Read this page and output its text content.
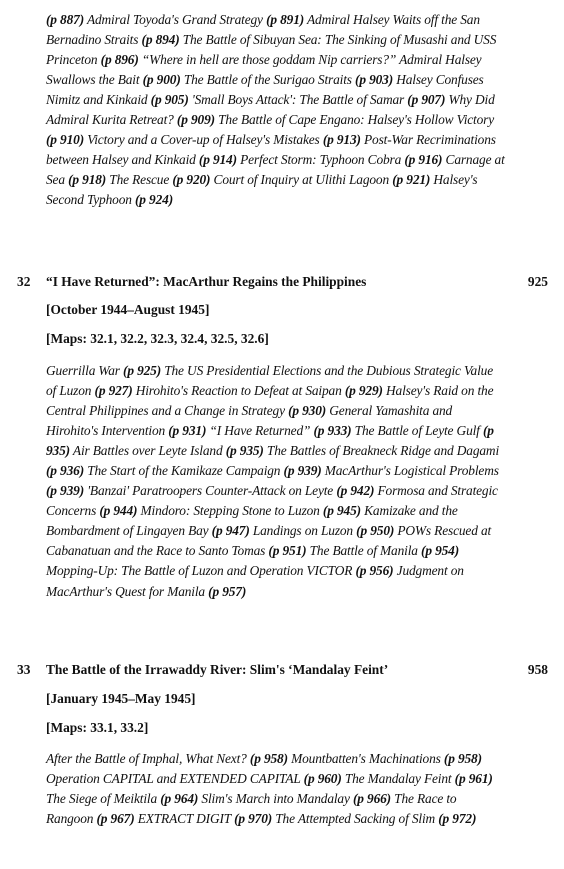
(p 887) Admiral Toyoda's Grand Strategy (p 891) Admiral Halsey Waits off the San Bernadino Straits (p 894) The Battle of Sibuyan Sea: The Sinking of Musashi and USS Princeton (p 896) “Where in hell are those goddam Nip carriers?” Admiral Halsey Swallows the Bait (p 900) The Battle of the Surigao Straits (p 903) Halsey Confuses Nimitz and Kinkaid (p 905) 'Small Boys Attack': The Battle of Samar (p 907) Why Did Admiral Kurita Retreat? (p 909) The Battle of Cape Engano: Halsey's Hollow Victory (p 910) Victory and a Cover-up of Halsey's Mistakes (p 913) Post-War Recriminations between Halsey and Kinkaid (p 914) Perfect Storm: Typhoon Cobra (p 916) Carnage at Sea (p 918) The Rescue (p 920) Court of Inquiry at Ulithi Lagoon (p 921) Halsey's Second Typhoon (p 924)

32 “I Have Returned”: MacArthur Regains the Philippines	925
[October 1944–August 1945]
[Maps: 32.1, 32.2, 32.3, 32.4, 32.5, 32.6]

Guerrilla War (p 925) The US Presidential Elections and the Dubious Strategic Value of Luzon (p 927) Hirohito's Reaction to Defeat at Saipan (p 929) Halsey's Raid on the Central Philippines and a Change in Strategy (p 930) General Yamashita and Hirohito's Intervention (p 931) “I Have Returned” (p 933) The Battle of Leyte Gulf (p 935) Air Battles over Leyte Island (p 935) The Battles of Breakneck Ridge and Dagami (p 936) The Start of the Kamikaze Campaign (p 939) MacArthur's Logistical Problems (p 939) 'Banzai' Paratroopers Counter-Attack on Leyte (p 942) Formosa and Strategic Concerns (p 944) Mindoro: Stepping Stone to Luzon (p 945) Kamizake and the Bombardment of Lingayen Bay (p 947) Landings on Luzon (p 950) POWs Rescued at Cabanatuan and the Race to Santo Tomas (p 951) The Battle of Manila (p 954) Mopping-Up: The Battle of Luzon and Operation VICTOR (p 956) Judgment on MacArthur's Quest for Manila (p 957)

33 The Battle of the Irrawaddy River: Slim's ‘Mandalay Feint’	958
[January 1945–May 1945]
[Maps: 33.1, 33.2]

After the Battle of Imphal, What Next? (p 958) Mountbatten's Machinations (p 958) Operation CAPITAL and EXTENDED CAPITAL (p 960) The Mandalay Feint (p 961) The Siege of Meiktila (p 964) Slim's March into Mandalay (p 966) The Race to Rangoon (p 967) EXTRACT DIGIT (p 970) The Attempted Sacking of Slim (p 972)
